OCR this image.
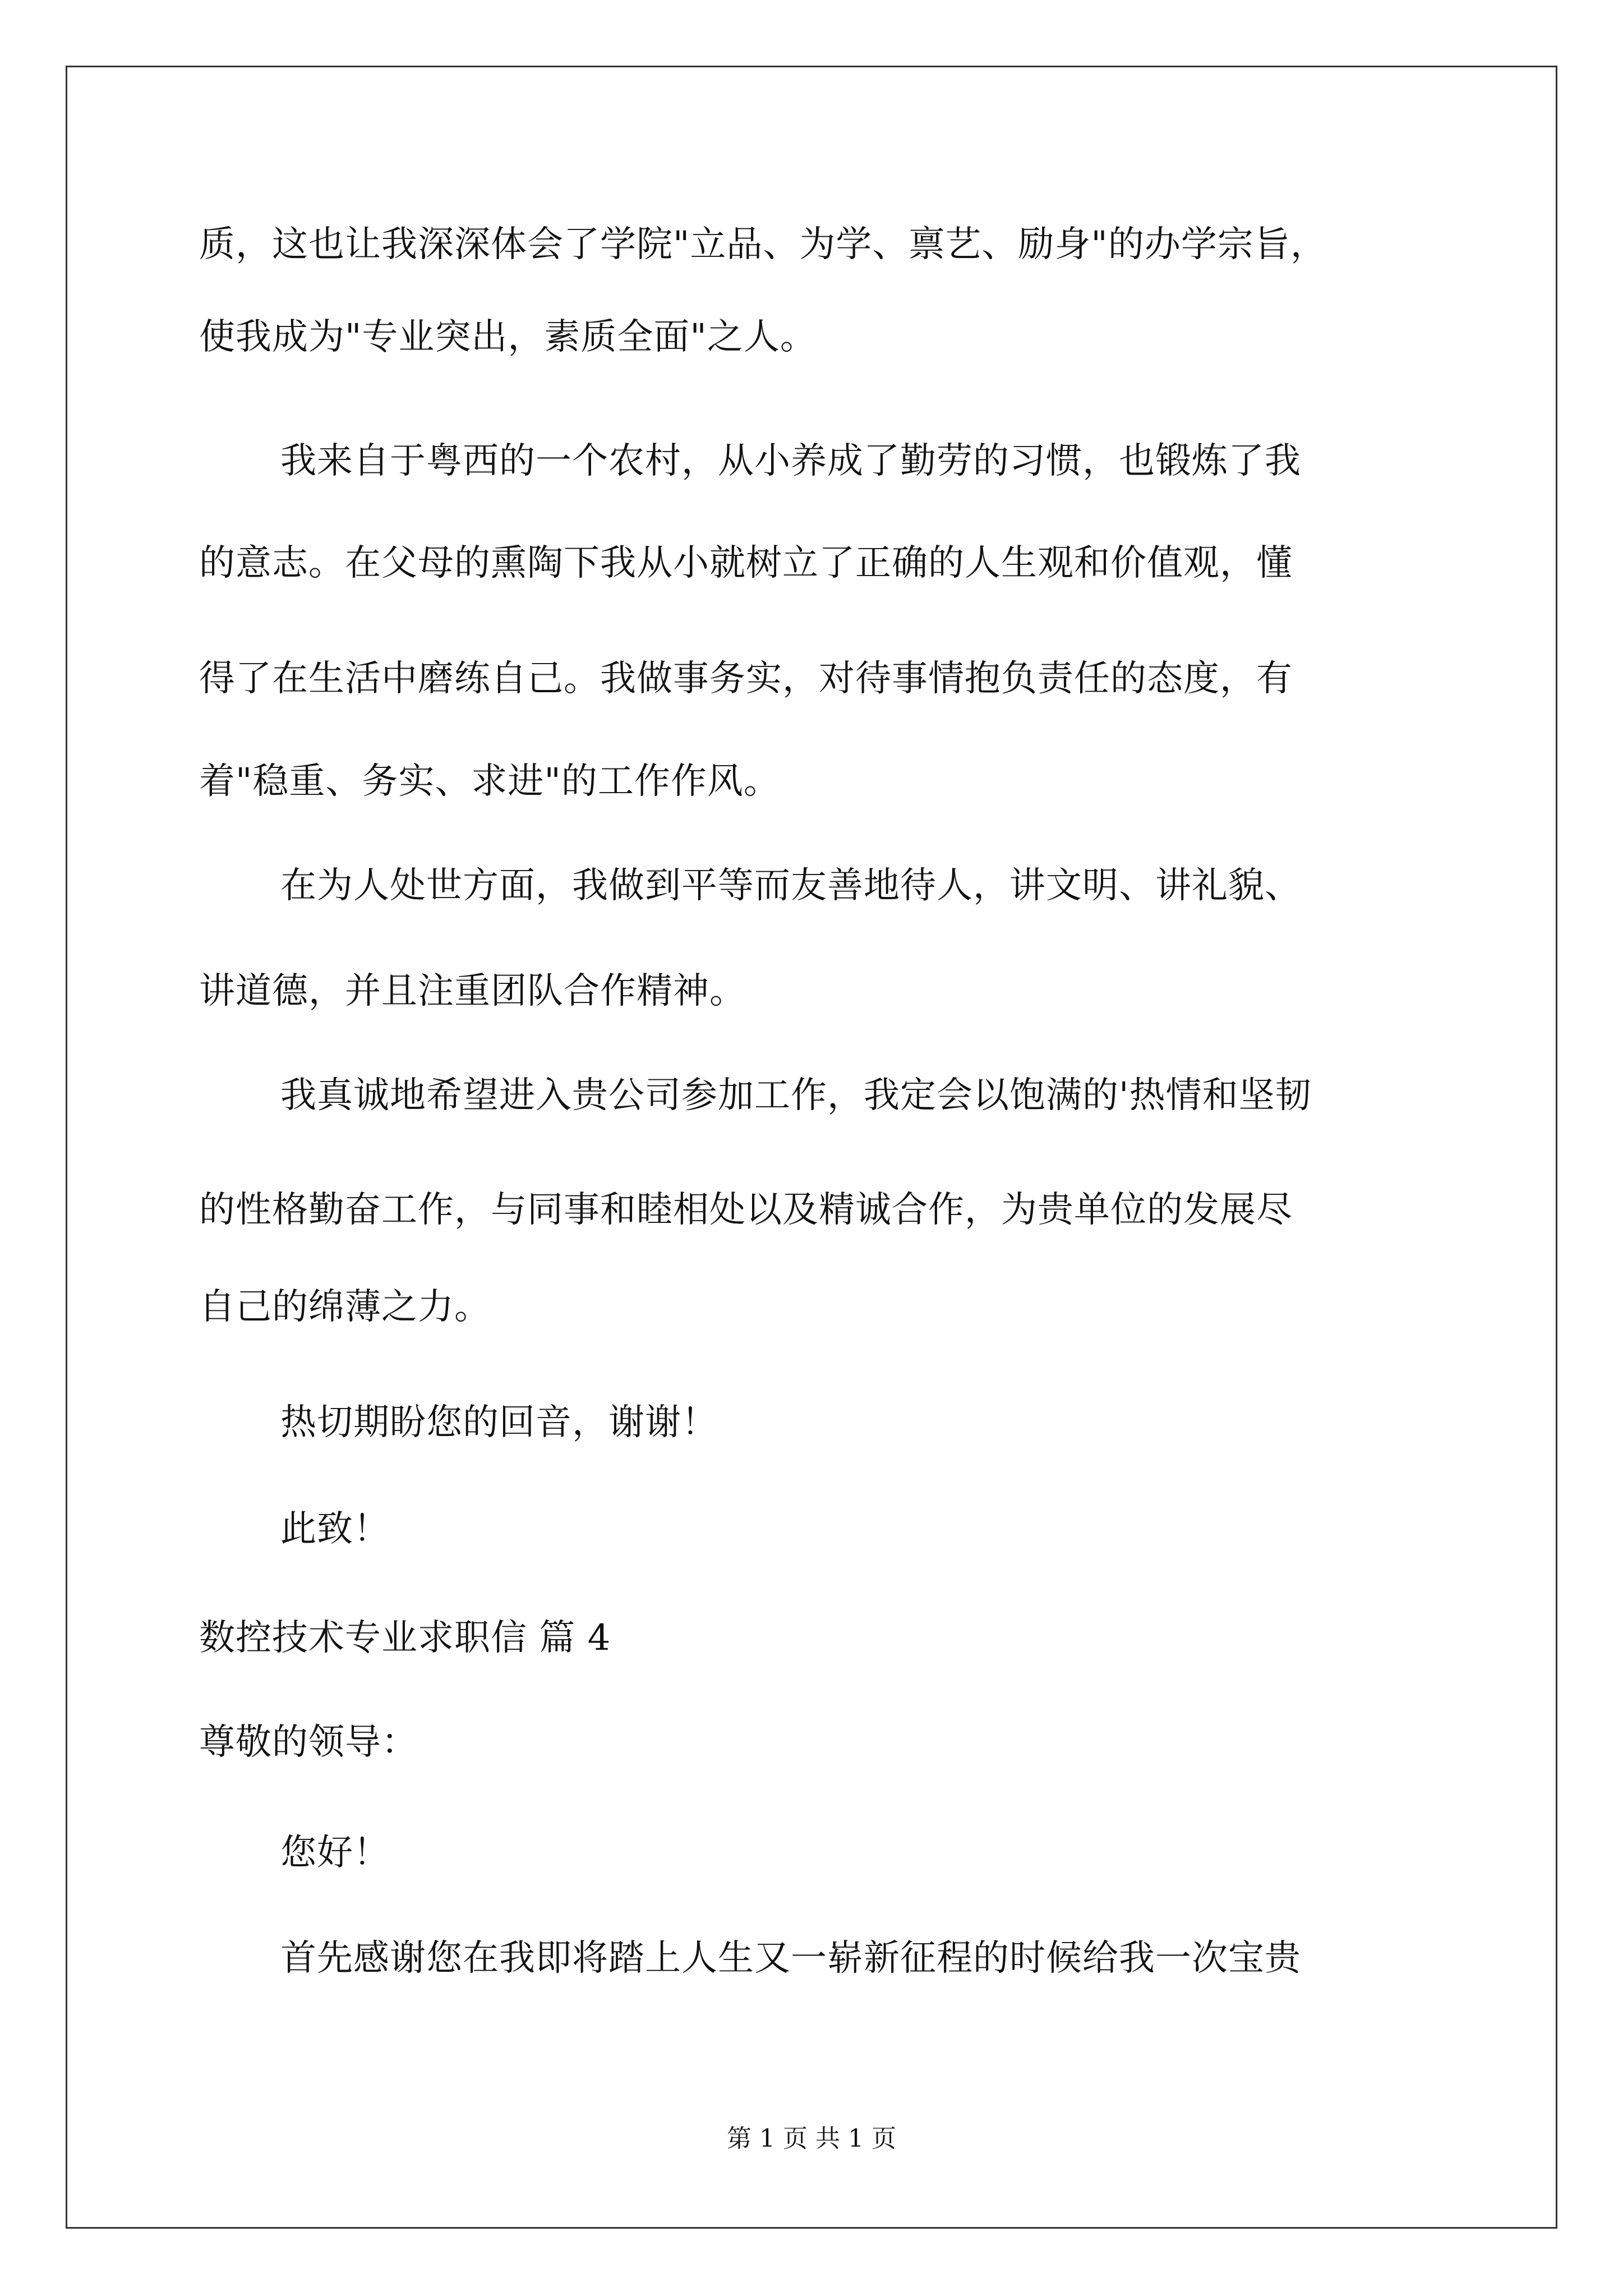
质，这也让我深深体会了学院"立品、为学、禀艺、励身"的办学宗旨，
使我成为"专业突出，素质全面"之人。
我来自于粤西的一个农村，从小养成了勤劳的习惯，也锻炼了我
的意志。在父母的熏陶下我从小就树立了正确的人生观和价值观，懂
得了在生活中磨练自己。我做事务实，对待事情抱负责任的态度，有
着"稳重、务实、求进"的工作作风。
在为人处世方面，我做到平等而友善地待人，讲文明、讲礼貌、
讲道德，并且注重团队合作精神。
我真诚地希望进入贵公司参加工作，我定会以饱满的'热情和坚韧
的性格勤奋工作，与同事和睦相处以及精诚合作，为贵单位的发展尽
自己的绵薄之力。
热切期盼您的回音，谢谢！
此致！
数控技术专业求职信 篇 4
尊敬的领导：
您好！
首先感谢您在我即将踏上人生又一崭新征程的时候给我一次宝贵
第 1 页 共 1 页
